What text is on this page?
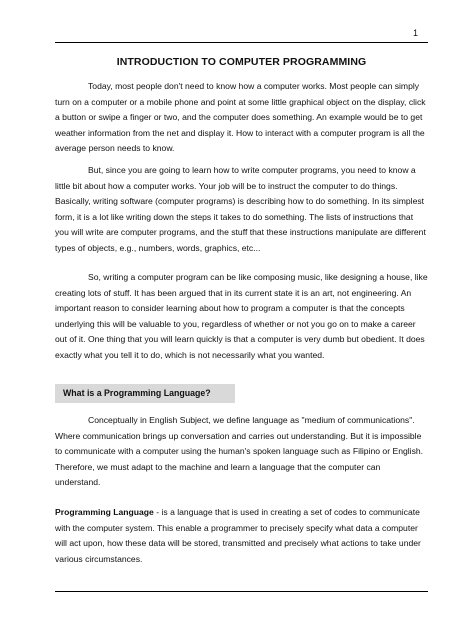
1
INTRODUCTION TO COMPUTER PROGRAMMING

Today, most people don't need to know how a computer works. Most people can simply turn on a computer or a mobile phone and point at some little graphical object on the display, click a button or swipe a finger or two, and the computer does something. An example would be to get weather information from the net and display it. How to interact with a computer program is all the average person needs to know.

But, since you are going to learn how to write computer programs, you need to know a little bit about how a computer works. Your job will be to instruct the computer to do things. Basically, writing software (computer programs) is describing how to do something. In its simplest form, it is a lot like writing down the steps it takes to do something. The lists of instructions that you will write are computer programs, and the stuff that these instructions manipulate are different types of objects, e.g., numbers, words, graphics, etc...

So, writing a computer program can be like composing music, like designing a house, like creating lots of stuff. It has been argued that in its current state it is an art, not engineering. An important reason to consider learning about how to program a computer is that the concepts underlying this will be valuable to you, regardless of whether or not you go on to make a career out of it. One thing that you will learn quickly is that a computer is very dumb but obedient. It does exactly what you tell it to do, which is not necessarily what you wanted.

What is a Programming Language?

Conceptually in English Subject, we define language as "medium of communications". Where communication brings up conversation and carries out understanding. But it is impossible to communicate with a computer using the human's spoken language such as Filipino or English. Therefore, we must adapt to the machine and learn a language that the computer can understand.

Programming Language - is a language that is used in creating a set of codes to communicate with the computer system. This enable a programmer to precisely specify what data a computer will act upon, how these data will be stored, transmitted and precisely what actions to take under various circumstances.
